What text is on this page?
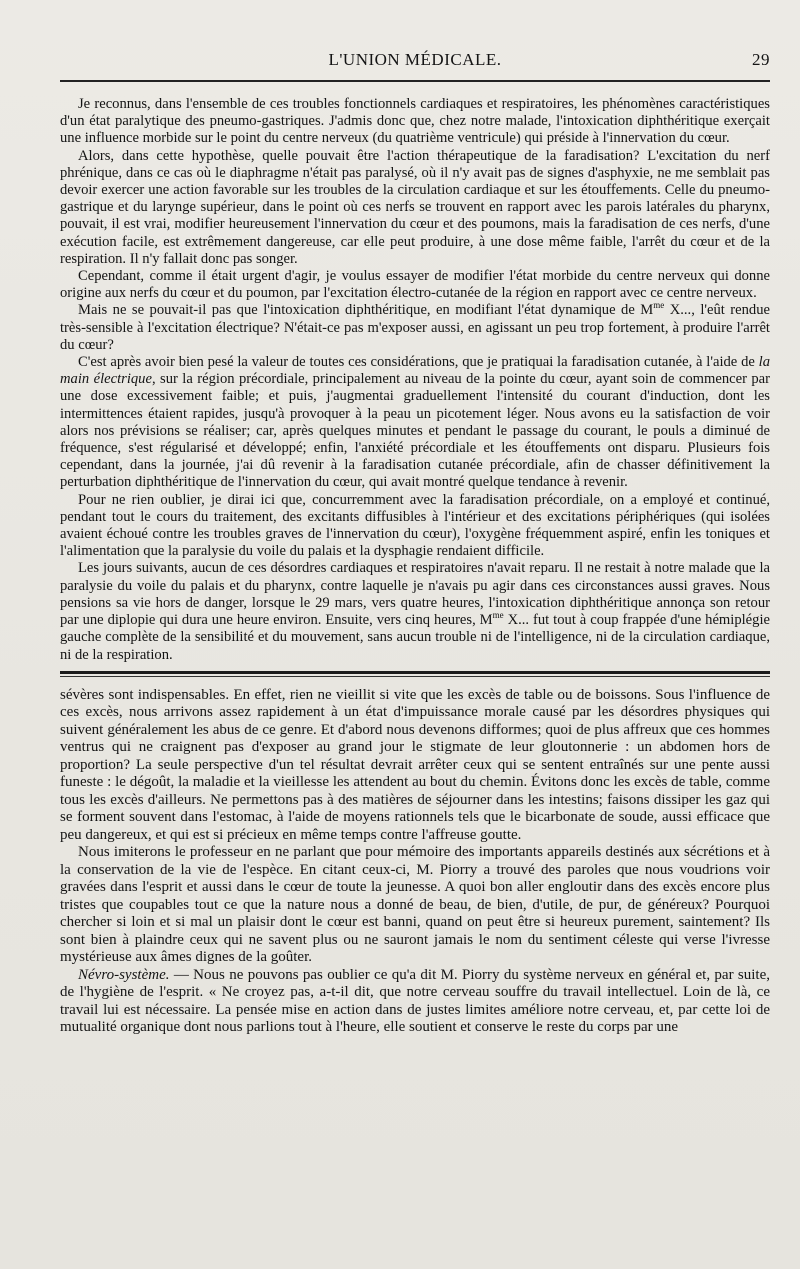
L'UNION MÉDICALE.	29

Je reconnus, dans l'ensemble de ces troubles fonctionnels cardiaques et respiratoires, les phénomènes caractéristiques d'un état paralytique des pneumo-gastriques. J'admis donc que, chez notre malade, l'intoxication diphthéritique exerçait une influence morbide sur le point du centre nerveux (du quatrième ventricule) qui préside à l'innervation du cœur.

Alors, dans cette hypothèse, quelle pouvait être l'action thérapeutique de la faradisation? L'excitation du nerf phrénique, dans ce cas où le diaphragme n'était pas paralysé, où il n'y avait pas de signes d'asphyxie, ne me semblait pas devoir exercer une action favorable sur les troubles de la circulation cardiaque et sur les étouffements. Celle du pneumo-gastrique et du larynge supérieur, dans le point où ces nerfs se trouvent en rapport avec les parois latérales du pharynx, pouvait, il est vrai, modifier heureusement l'innervation du cœur et des poumons, mais la faradisation de ces nerfs, d'une exécution facile, est extrêmement dangereuse, car elle peut produire, à une dose même faible, l'arrêt du cœur et de la respiration. Il n'y fallait donc pas songer.

Cependant, comme il était urgent d'agir, je voulus essayer de modifier l'état morbide du centre nerveux qui donne origine aux nerfs du cœur et du poumon, par l'excitation électro-cutanée de la région en rapport avec ce centre nerveux.

Mais ne se pouvait-il pas que l'intoxication diphthéritique, en modifiant l'état dynamique de $M^{me}$ X..., l'eût rendue très-sensible à l'excitation électrique? N'était-ce pas m'exposer aussi, en agissant un peu trop fortement, à produire l'arrêt du cœur?

C'est après avoir bien pesé la valeur de toutes ces considérations, que je pratiquai la faradisation cutanée, à l'aide de la main électrique, sur la région précordiale, principalement au niveau de la pointe du cœur, ayant soin de commencer par une dose excessivement faible; et puis, j'augmentai graduellement l'intensité du courant d'induction, dont les intermittences étaient rapides, jusqu'à provoquer à la peau un picotement léger. Nous avons eu la satisfaction de voir alors nos prévisions se réaliser; car, après quelques minutes et pendant le passage du courant, le pouls a diminué de fréquence, s'est régularisé et développé; enfin, l'anxiété précordiale et les étouffements ont disparu. Plusieurs fois cependant, dans la journée, j'ai dû revenir à la faradisation cutanée précordiale, afin de chasser définitivement la perturbation diphthéritique de l'innervation du cœur, qui avait montré quelque tendance à revenir.

Pour ne rien oublier, je dirai ici que, concurremment avec la faradisation précordiale, on a employé et continué, pendant tout le cours du traitement, des excitants diffusibles à l'intérieur et des excitations périphériques (qui isolées avaient échoué contre les troubles graves de l'innervation du cœur), l'oxygène fréquemment aspiré, enfin les toniques et l'alimentation que la paralysie du voile du palais et la dysphagie rendaient difficile.

Les jours suivants, aucun de ces désordres cardiaques et respiratoires n'avait reparu. Il ne restait à notre malade que la paralysie du voile du palais et du pharynx, contre laquelle je n'avais pu agir dans ces circonstances aussi graves. Nous pensions sa vie hors de danger, lorsque le 29 mars, vers quatre heures, l'intoxication diphthéritique annonça son retour par une diplopie qui dura une heure environ. Ensuite, vers cinq heures, $M^{me}$ X... fut tout à coup frappée d'une hémiplégie gauche complète de la sensibilité et du mouvement, sans aucun trouble ni de l'intelligence, ni de la circulation cardiaque, ni de la respiration.

sévères sont indispensables. En effet, rien ne vieillit si vite que les excès de table ou de boissons. Sous l'influence de ces excès, nous arrivons assez rapidement à un état d'impuissance morale causé par les désordres physiques qui suivent généralement les abus de ce genre. Et d'abord nous devenons difformes; quoi de plus affreux que ces hommes ventrus qui ne craignent pas d'exposer au grand jour le stigmate de leur gloutonnerie : un abdomen hors de proportion? La seule perspective d'un tel résultat devrait arrêter ceux qui se sentent entraînés sur une pente aussi funeste : le dégoût, la maladie et la vieillesse les attendent au bout du chemin. Évitons donc les excès de table, comme tous les excès d'ailleurs. Ne permettons pas à des matières de séjourner dans les intestins; faisons dissiper les gaz qui se forment souvent dans l'estomac, à l'aide de moyens rationnels tels que le bicarbonate de soude, aussi efficace que peu dangereux, et qui est si précieux en même temps contre l'affreuse goutte.

Nous imiterons le professeur en ne parlant que pour mémoire des importants appareils destinés aux sécrétions et à la conservation de la vie de l'espèce. En citant ceux-ci, M. Piorry a trouvé des paroles que nous voudrions voir gravées dans l'esprit et aussi dans le cœur de toute la jeunesse. A quoi bon aller engloutir dans des excès encore plus tristes que coupables tout ce que la nature nous a donné de beau, de bien, d'utile, de pur, de généreux? Pourquoi chercher si loin et si mal un plaisir dont le cœur est banni, quand on peut être si heureux purement, saintement? Ils sont bien à plaindre ceux qui ne savent plus ou ne sauront jamais le nom du sentiment céleste qui verse l'ivresse mystérieuse aux âmes dignes de la goûter.

Névro-système. — Nous ne pouvons pas oublier ce qu'a dit M. Piorry du système nerveux en général et, par suite, de l'hygiène de l'esprit. « Ne croyez pas, a-t-il dit, que notre cerveau souffre du travail intellectuel. Loin de là, ce travail lui est nécessaire. La pensée mise en action dans de justes limites améliore notre cerveau, et, par cette loi de mutualité organique dont nous parlions tout à l'heure, elle soutient et conserve le reste du corps par une
